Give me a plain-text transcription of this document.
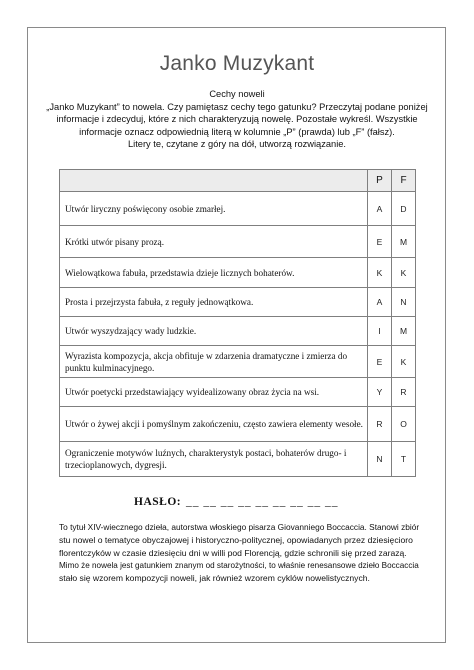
Janko Muzykant
Cechy noweli
„Janko Muzykant” to nowela. Czy pamiętasz cechy tego gatunku? Przeczytaj podane poniżej
informacje i zdecyduj, które z nich charakteryzują nowelę. Pozostałe wykreśl. Wszystkie
informacje oznacz odpowiednią literą w kolumnie „P” (prawda) lub „F” (fałsz).
Litery te, czytane z góry na dół, utworzą rozwiązanie.
	P	F
Utwór liryczny poświęcony osobie zmarłej.	A	D
Krótki utwór pisany prozą.	E	M
Wielowątkowa fabuła, przedstawia dzieje licznych bohaterów.	K	K
Prosta i przejrzysta fabuła, z reguły jednowątkowa.	A	N
Utwór wyszydzający wady ludzkie.	I	M
Wyrazista kompozycja, akcja obfituje w zdarzenia dramatyczne i zmierza do punktu kulminacyjnego.	E	K
Utwór poetycki przedstawiający wyidealizowany obraz życia na wsi.	Y	R
Utwór o żywej akcji i pomyślnym zakończeniu, często zawiera elementy wesołe.	R	O
Ograniczenie motywów luźnych, charakterystyk postaci, bohaterów drugo- i trzecioplanowych, dygresji.	N	T
HASŁO: __ __ __ __ __ __ __ __ __
To tytuł XIV-wiecznego dzieła, autorstwa włoskiego pisarza Giovanniego Boccaccia. Stanowi zbiór
stu nowel o tematyce obyczajowej i historyczno-politycznej, opowiadanych przez dziesięcioro
florentczyków w czasie dziesięciu dni w willi pod Florencją, gdzie schronili się przed zarazą.
Mimo że nowela jest gatunkiem znanym od starożytności, to właśnie renesansowe dzieło Boccaccia
stało się wzorem kompozycji noweli, jak również wzorem cyklów nowelistycznych.
